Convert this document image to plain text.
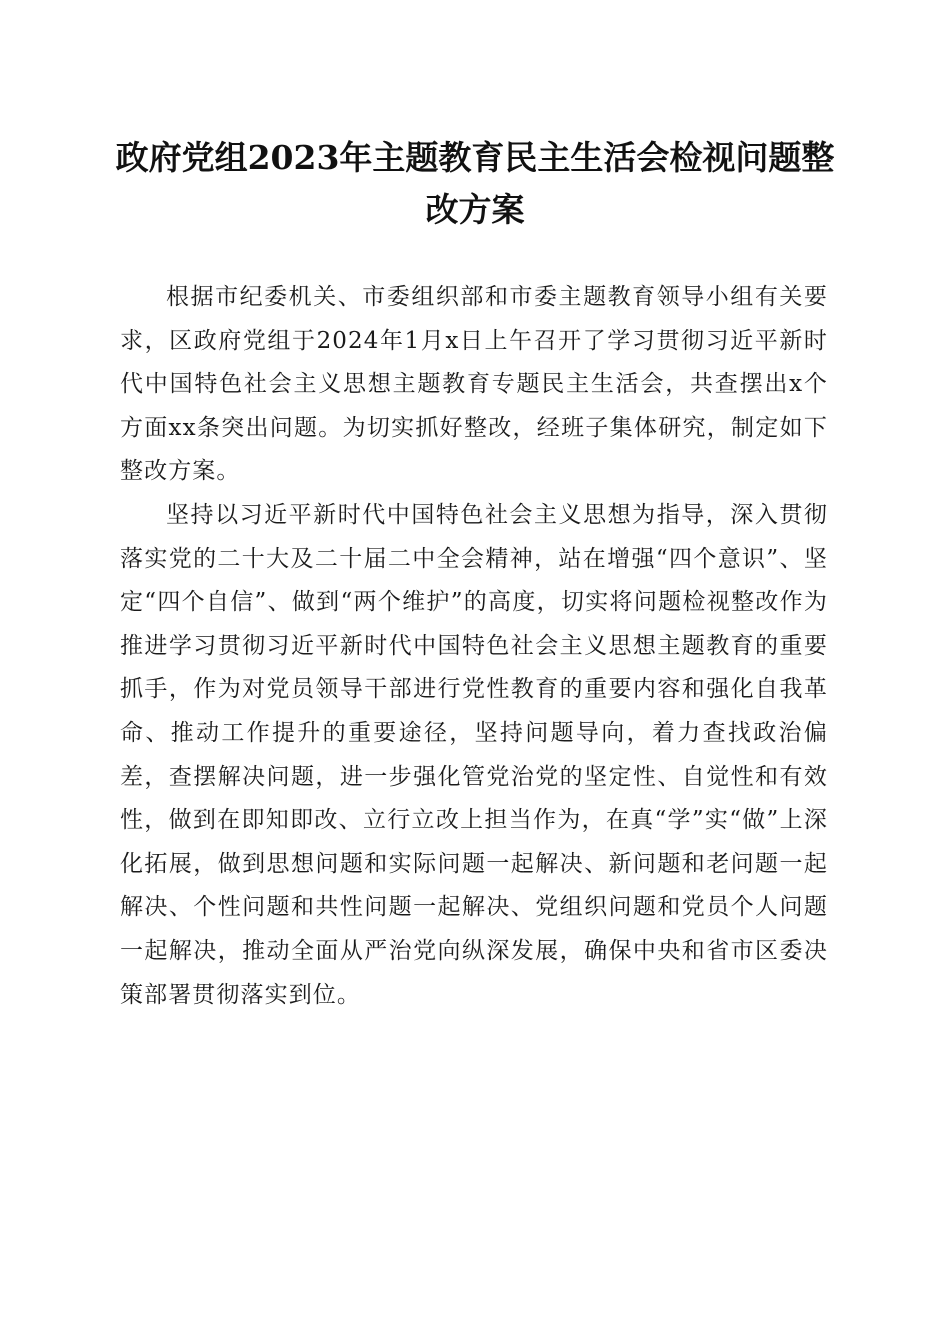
政府党组2023年主题教育民主生活会检视问题整改方案

根据市纪委机关、市委组织部和市委主题教育领导小组有关要求，区政府党组于2024年1月x日上午召开了学习贯彻习近平新时代中国特色社会主义思想主题教育专题民主生活会，共查摆出x个方面xx条突出问题。为切实抓好整改，经班子集体研究，制定如下整改方案。

坚持以习近平新时代中国特色社会主义思想为指导，深入贯彻落实党的二十大及二十届二中全会精神，站在增强“四个意识”、坚定“四个自信”、做到“两个维护”的高度，切实将问题检视整改作为推进学习贯彻习近平新时代中国特色社会主义思想主题教育的重要抓手，作为对党员领导干部进行党性教育的重要内容和强化自我革命、推动工作提升的重要途径，坚持问题导向，着力查找政治偏差，查摆解决问题，进一步强化管党治党的坚定性、自觉性和有效性，做到在即知即改、立行立改上担当作为，在真“学”实“做”上深化拓展，做到思想问题和实际问题一起解决、新问题和老问题一起解决、个性问题和共性问题一起解决、党组织问题和党员个人问题一起解决，推动全面从严治党向纵深发展，确保中央和省市区委决策部署贯彻落实到位。
